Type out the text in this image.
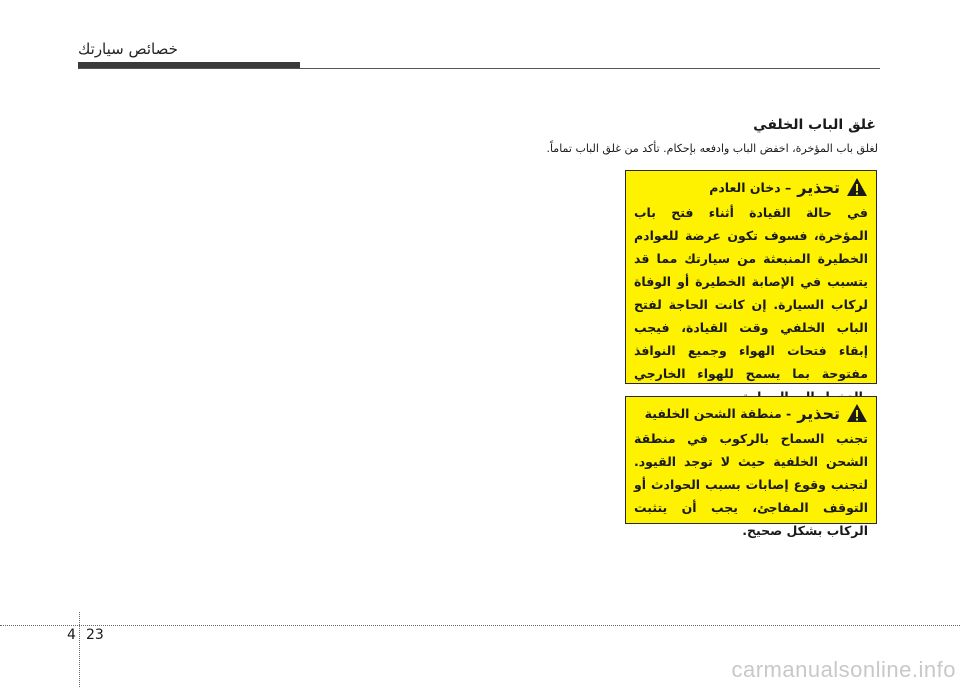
خصائص سيارتك
غلق الباب الخلفي
لغلق باب المؤخرة، اخفض الباب وادفعه بإحكام. تأكد من غلق الباب تماماً.
تحذير
– دخان العادم
في حالة القيادة أثناء فتح باب المؤخرة، فسوف تكون عرضة للعوادم الخطيرة المنبعثة من سيارتك مما قد يتسبب في الإصابة الخطيرة أو الوفاة لركاب السيارة. إن كانت الحاجة لفتح الباب الخلفي وقت القيادة، فيجب إبقاء فتحات الهواء وجميع النوافذ مفتوحة بما يسمح للهواء الخارجي
تحذير
- منطقة الشحن الخلفية
تجنب السماح بالركوب في منطقة الشحن الخلفية حيث لا توجد القيود. لتجنب وقوع إصابات بسبب الحوادث أو التوقف المفاجئ، يجب أن يتثبت الركاب بشكل صحيح.
4 23
carmanualsonline.info
